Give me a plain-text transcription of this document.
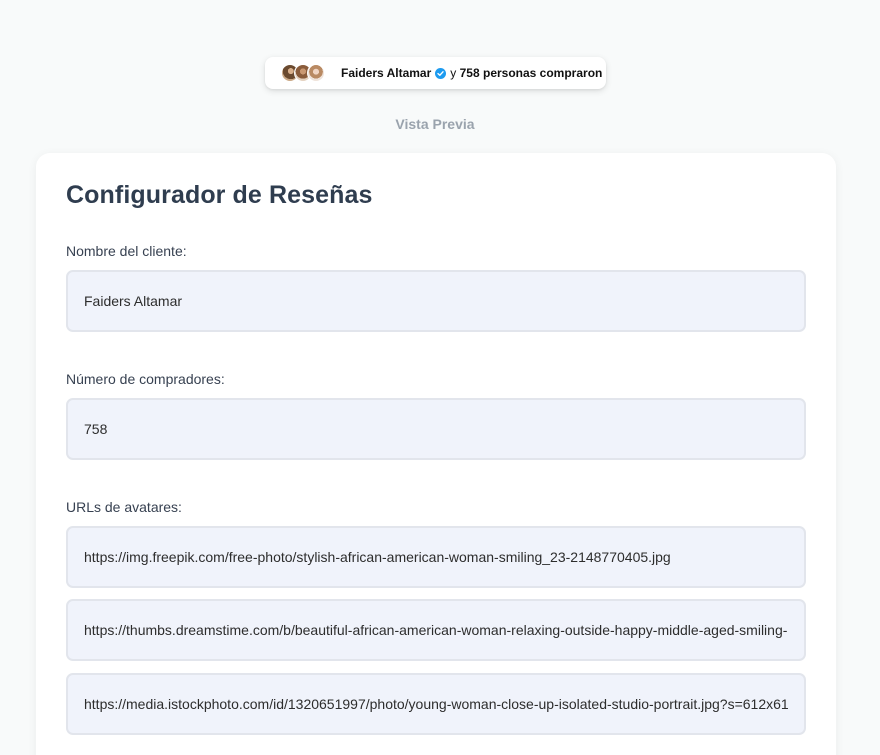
Faiders Altamar y
758
personas compraron
Vista Previa
Configurador de Reseñas
Nombre del cliente:
Faiders Altamar
Número de compradores:
758
URLs de avatares:
https://img.freepik.com/free-photo/stylish-african-american-woman-smiling_23-2148770405.jpg
https://thumbs.dreamstime.com/b/beautiful-african-american-woman-relaxing-outside-happy-middle-aged-smiling-
https://media.istockphoto.com/id/1320651997/photo/young-woman-close-up-isolated-studio-portrait.jpg?s=612x61
